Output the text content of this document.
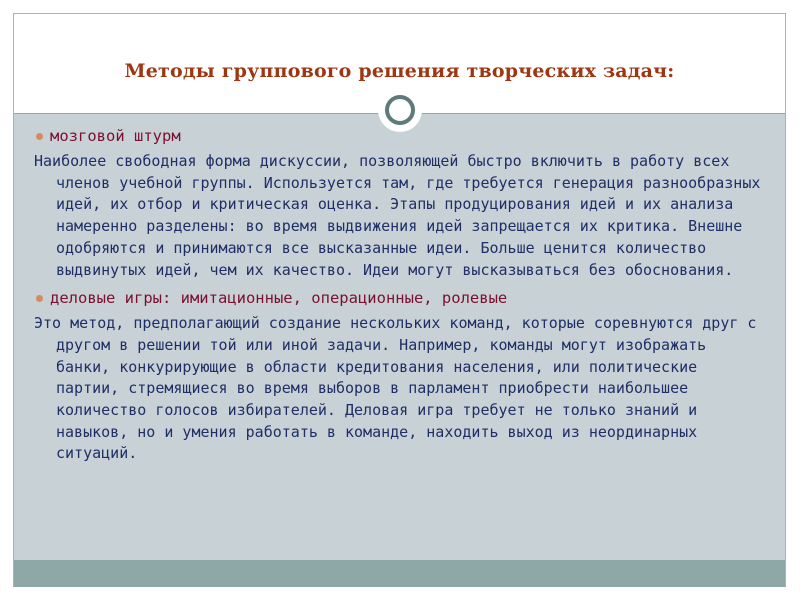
Методы группового решения творческих задач:
мозговой штурм

Наиболее свободная форма дискуссии, позволяющей быстро включить в работу всех членов учебной группы. Используется там, где требуется генерация разнообразных идей, их отбор и критическая оценка. Этапы продуцирования идей и их анализа намеренно разделены: во время выдвижения идей запрещается их критика. Внешне одобряются и принимаются все высказанные идеи. Больше ценится количество выдвинутых идей, чем их качество. Идеи могут высказываться без обоснования.

деловые игры: имитационные, операционные, ролевые

Это метод, предполагающий создание нескольких команд, которые соревнуются друг с другом в решении той или иной задачи. Например, команды могут изображать банки, конкурирующие в области кредитования населения, или политические партии, стремящиеся во время выборов в парламент приобрести наибольшее количество голосов избирателей. Деловая игра требует не только знаний и навыков, но и умения работать в команде, находить выход из неординарных ситуаций.
